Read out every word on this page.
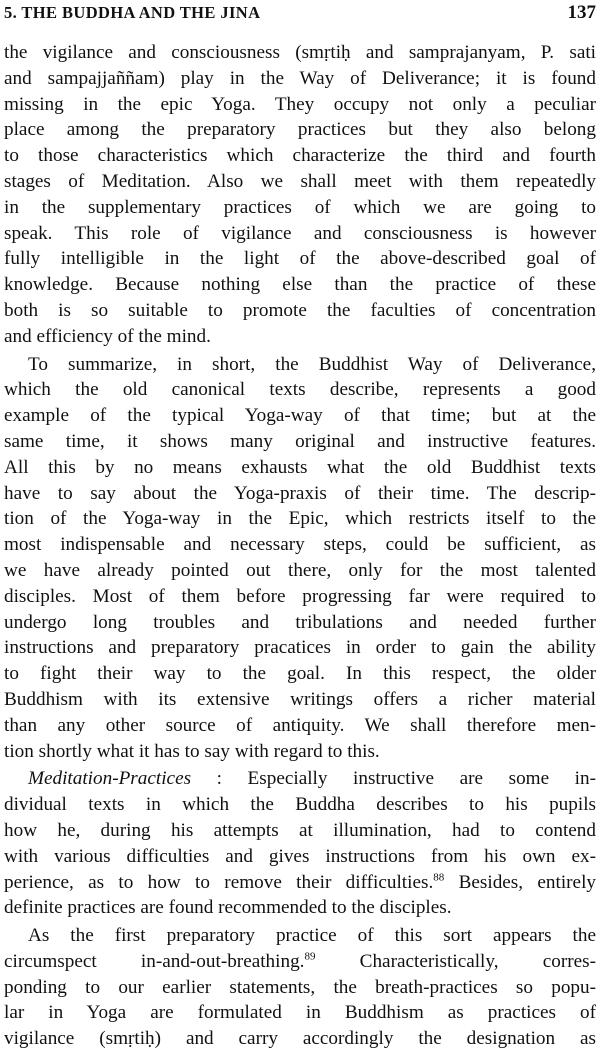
5. THE BUDDHA AND THE JINA	137
the vigilance and consciousness (smṛtiḥ and samprajanyam, P. sati
and sampajjaññam) play in the Way of Deliverance; it is found
missing in the epic Yoga. They occupy not only a peculiar
place among the preparatory practices but they also belong
to those characteristics which characterize the third and fourth
stages of Meditation. Also we shall meet with them repeatedly
in the supplementary practices of which we are going to
speak. This role of vigilance and consciousness is however
fully intelligible in the light of the above-described goal of
knowledge. Because nothing else than the practice of these
both is so suitable to promote the faculties of concentration
and efficiency of the mind.
To summarize, in short, the Buddhist Way of Deliverance,
which the old canonical texts describe, represents a good
example of the typical Yoga-way of that time; but at the
same time, it shows many original and instructive features.
All this by no means exhausts what the old Buddhist texts
have to say about the Yoga-praxis of their time. The descrip-
tion of the Yoga-way in the Epic, which restricts itself to the
most indispensable and necessary steps, could be sufficient, as
we have already pointed out there, only for the most talented
disciples. Most of them before progressing far were required to
undergo long troubles and tribulations and needed further
instructions and preparatory pracatices in order to gain the ability
to fight their way to the goal. In this respect, the older
Buddhism with its extensive writings offers a richer material
than any other source of antiquity. We shall therefore men-
tion shortly what it has to say with regard to this.
Meditation-Practices : Especially instructive are some in-
dividual texts in which the Buddha describes to his pupils
how he, during his attempts at illumination, had to contend
with various difficulties and gives instructions from his own ex-
perience, as to how to remove their difficulties.$^{88}$ Besides, entirely
definite practices are found recommended to the disciples.
As the first preparatory practice of this sort appears the
circumspect in-and-out-breathing.$^{89}$ Characteristically, corres-
ponding to our earlier statements, the breath-practices so popu-
lar in Yoga are formulated in Buddhism as practices of
vigilance (smṛtiḥ) and carry accordingly the designation as
